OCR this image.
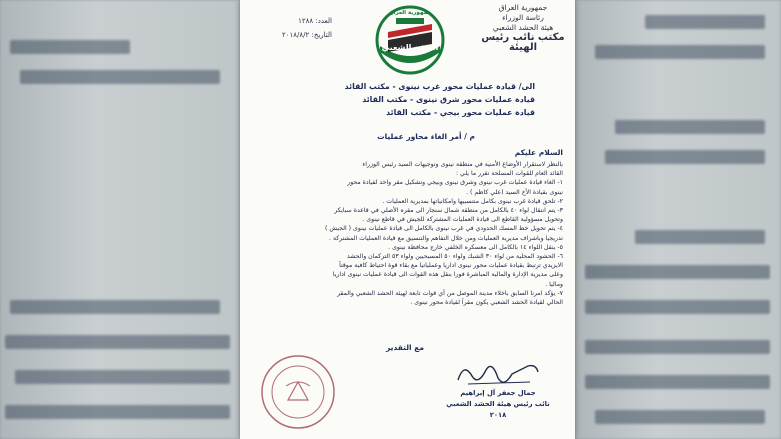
جمهورية العراق
رئاسة الوزراء
هيئة الحشد الشعبي
مكتب نائب رئيس الهيئة
العدد: ١٢٨٨
التاريخ: ٢٠١٨/٨/٢
جمهورية العراق
الحشد الشعبي
الى/ قيادة عمليات محور غرب نينوى - مكتب القائد
قيادة عمليات محور شرق نينوى - مكتب القائد
قيادة عمليات محور بيجي - مكتب القائد
م / أمر الغاء محاور عمليات
السلام عليكم
بالنظر لاستقرار الأوضاع الأمنية في منطقة نينوى وتوجيهات السيد رئيس الوزراء
القائد العام للقوات المسلحة تقرر ما يلي :
١- الغاء قيادة عمليات غرب نينوى وشرق نينوى وبيجي وتشكيل مقر واحد لقيادة محور
نينوى بقيادة الأخ السيد (علي كاظم ) .
٢- تلحق قيادة غرب نينوى بكامل منتسبيها وامكانياتها بمديرية العمليات .
٣- يتم انتقال لواء ٤٠ بالكامل من منطقة شمال سنجار الى مقره الأصلي في قاعدة سبايكر
وتحويل مسؤولية القاطع الى قيادة العمليات المشتركة للجيش في قاطع نينوى .
٤- يتم تحويل خط المسك الحدودي في غرب نينوى بالكامل الى قيادة عمليات نينوى ( الجيش )
تدريجيا وباشراف مديرية العمليات ومن خلال التفاهم والتنسيق مع قيادة العمليات المشتركة .
٥- ينقل اللواء ١٤ بالكامل الى معسكره الخلفي خارج محافظة نينوى .
٦- الحشود المحلية من لواء ٣٠ الشبك ولواء ٥٠ المسيحيين ولواء ٥٣ التركمان والحشد
الايزيدي ترتبط بقيادة عمليات محور نينوى اداريا وعملياتيا مع بقاء قوة احتياط كافية موقتاً
وعلى مديرية الإدارة والمالية المباشرة فورا بنقل هذه القوات الى قيادة عمليات نينوى اداريا
وماليا .
٧- يؤكد امرنا السابق باخلاء مدينة الموصل من أي قوات تابعة لهيئة الحشد الشعبي والمقر
الحالي لقيادة الحشد الشعبي يكون مقراً لقيادة محور نينوى .
مع التقدير
جمال جعفر آل إبراهيم
نائب رئيس هيئة الحشد الشعبي
٢٠١٨
